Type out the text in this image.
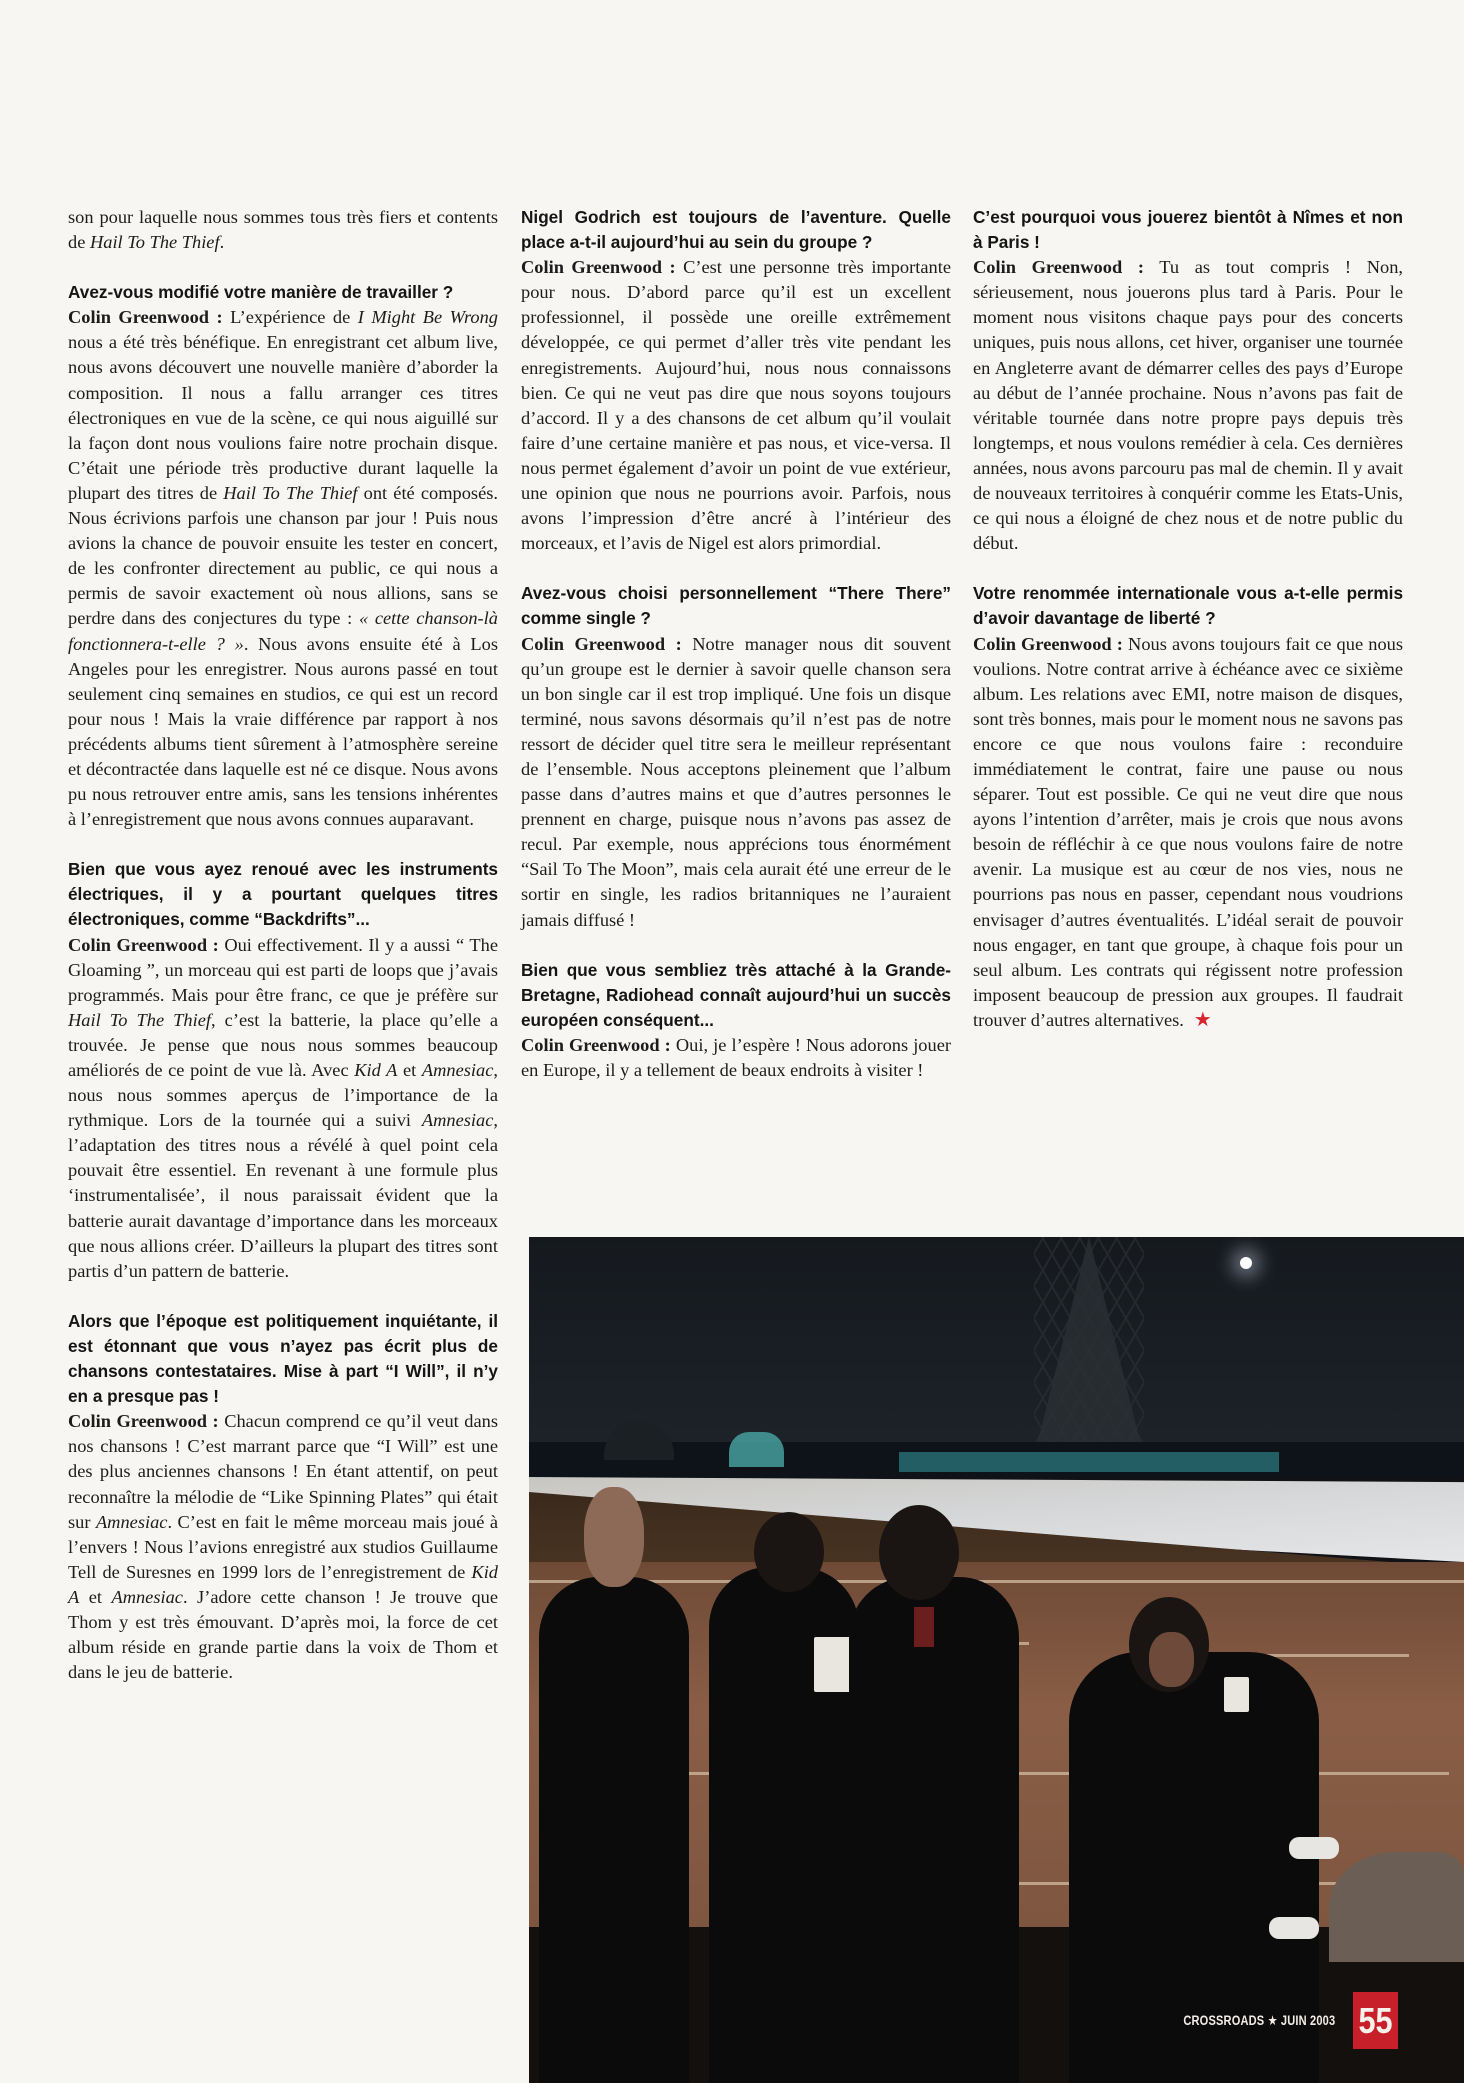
son pour laquelle nous sommes tous très fiers et contents de Hail To The Thief.

Avez-vous modifié votre manière de travailler ?

Colin Greenwood : L’expérience de I Might Be Wrong nous a été très bénéfique. En enregistrant cet album live, nous avons découvert une nouvelle manière d’aborder la composition. Il nous a fallu arranger ces titres électroniques en vue de la scène, ce qui nous aiguillé sur la façon dont nous voulions faire notre prochain disque. C’était une période très productive durant laquelle la plupart des titres de Hail To The Thief ont été composés. Nous écrivions parfois une chanson par jour ! Puis nous avions la chance de pouvoir ensuite les tester en concert, de les confronter directement au public, ce qui nous a permis de savoir exactement où nous allions, sans se perdre dans des conjectures du type : « cette chanson-là fonctionnera-t-elle ? ». Nous avons ensuite été à Los Angeles pour les enregistrer. Nous aurons passé en tout seulement cinq semaines en studios, ce qui est un record pour nous ! Mais la vraie différence par rapport à nos précédents albums tient sûrement à l’atmosphère sereine et décontractée dans laquelle est né ce disque. Nous avons pu nous retrouver entre amis, sans les tensions inhérentes à l’enregistrement que nous avons connues auparavant.

Bien que vous ayez renoué avec les instruments électriques, il y a pourtant quelques titres électroniques, comme “Backdrifts”...

Colin Greenwood : Oui effectivement. Il y a aussi “ The Gloaming ”, un morceau qui est parti de loops que j’avais programmés. Mais pour être franc, ce que je préfère sur Hail To The Thief, c’est la batterie, la place qu’elle a trouvée. Je pense que nous nous sommes beaucoup améliorés de ce point de vue là. Avec Kid A et Amnesiac, nous nous sommes aperçus de l’importance de la rythmique. Lors de la tournée qui a suivi Amnesiac, l’adaptation des titres nous a révélé à quel point cela pouvait être essentiel. En revenant à une formule plus ‘instrumentalisée’, il nous paraissait évident que la batterie aurait davantage d’importance dans les morceaux que nous allions créer. D’ailleurs la plupart des titres sont partis d’un pattern de batterie.

Alors que l’époque est politiquement inquiétante, il est étonnant que vous n’ayez pas écrit plus de chansons contestataires. Mise à part “I Will”, il n’y en a presque pas !

Colin Greenwood : Chacun comprend ce qu’il veut dans nos chansons ! C’est marrant parce que “I Will” est une des plus anciennes chansons ! En étant attentif, on peut reconnaître la mélodie de “Like Spinning Plates” qui était sur Amnesiac. C’est en fait le même morceau mais joué à l’envers ! Nous l’avions enregistré aux studios Guillaume Tell de Suresnes en 1999 lors de l’enregistrement de Kid A et Amnesiac. J’adore cette chanson ! Je trouve que Thom y est très émouvant. D’après moi, la force de cet album réside en grande partie dans la voix de Thom et dans le jeu de batterie.

Nigel Godrich est toujours de l’aventure. Quelle place a-t-il aujourd’hui au sein du groupe ?

Colin Greenwood : C’est une personne très importante pour nous. D’abord parce qu’il est un excellent professionnel, il possède une oreille extrêmement développée, ce qui permet d’aller très vite pendant les enregistrements. Aujourd’hui, nous nous connaissons bien. Ce qui ne veut pas dire que nous soyons toujours d’accord. Il y a des chansons de cet album qu’il voulait faire d’une certaine manière et pas nous, et vice-versa. Il nous permet également d’avoir un point de vue extérieur, une opinion que nous ne pourrions avoir. Parfois, nous avons l’impression d’être ancré à l’intérieur des morceaux, et l’avis de Nigel est alors primordial.

Avez-vous choisi personnellement “There There” comme single ?

Colin Greenwood : Notre manager nous dit souvent qu’un groupe est le dernier à savoir quelle chanson sera un bon single car il est trop impliqué. Une fois un disque terminé, nous savons désormais qu’il n’est pas de notre ressort de décider quel titre sera le meilleur représentant de l’ensemble. Nous acceptons pleinement que l’album passe dans d’autres mains et que d’autres personnes le prennent en charge, puisque nous n’avons pas assez de recul. Par exemple, nous apprécions tous énormément “Sail To The Moon”, mais cela aurait été une erreur de le sortir en single, les radios britanniques ne l’auraient jamais diffusé !

Bien que vous sembliez très attaché à la Grande-Bretagne, Radiohead connaît aujourd’hui un succès européen conséquent...

Colin Greenwood : Oui, je l’espère ! Nous adorons jouer en Europe, il y a tellement de beaux endroits à visiter !

C’est pourquoi vous jouerez bientôt à Nîmes et non à Paris !

Colin Greenwood : Tu as tout compris ! Non, sérieusement, nous jouerons plus tard à Paris. Pour le moment nous visitons chaque pays pour des concerts uniques, puis nous allons, cet hiver, organiser une tournée en Angleterre avant de démarrer celles des pays d’Europe au début de l’année prochaine. Nous n’avons pas fait de véritable tournée dans notre propre pays depuis très longtemps, et nous voulons remédier à cela. Ces dernières années, nous avons parcouru pas mal de chemin. Il y avait de nouveaux territoires à conquérir comme les Etats-Unis, ce qui nous a éloigné de chez nous et de notre public du début.

Votre renommée internationale vous a-t-elle permis d’avoir davantage de liberté ?

Colin Greenwood : Nous avons toujours fait ce que nous voulions. Notre contrat arrive à échéance avec ce sixième album. Les relations avec EMI, notre maison de disques, sont très bonnes, mais pour le moment nous ne savons pas encore ce que nous voulons faire : reconduire immédiatement le contrat, faire une pause ou nous séparer. Tout est possible. Ce qui ne veut dire que nous ayons l’intention d’arrêter, mais je crois que nous avons besoin de réfléchir à ce que nous voulons faire de notre avenir. La musique est au cœur de nos vies, nous ne pourrions pas nous en passer, cependant nous voudrions envisager d’autres éventualités. L’idéal serait de pouvoir nous engager, en tant que groupe, à chaque fois pour un seul album. Les contrats qui régissent notre profession imposent beaucoup de pression aux groupes. Il faudrait trouver d’autres alternatives. ★

CROSSROADS ★ JUIN 2003 55
